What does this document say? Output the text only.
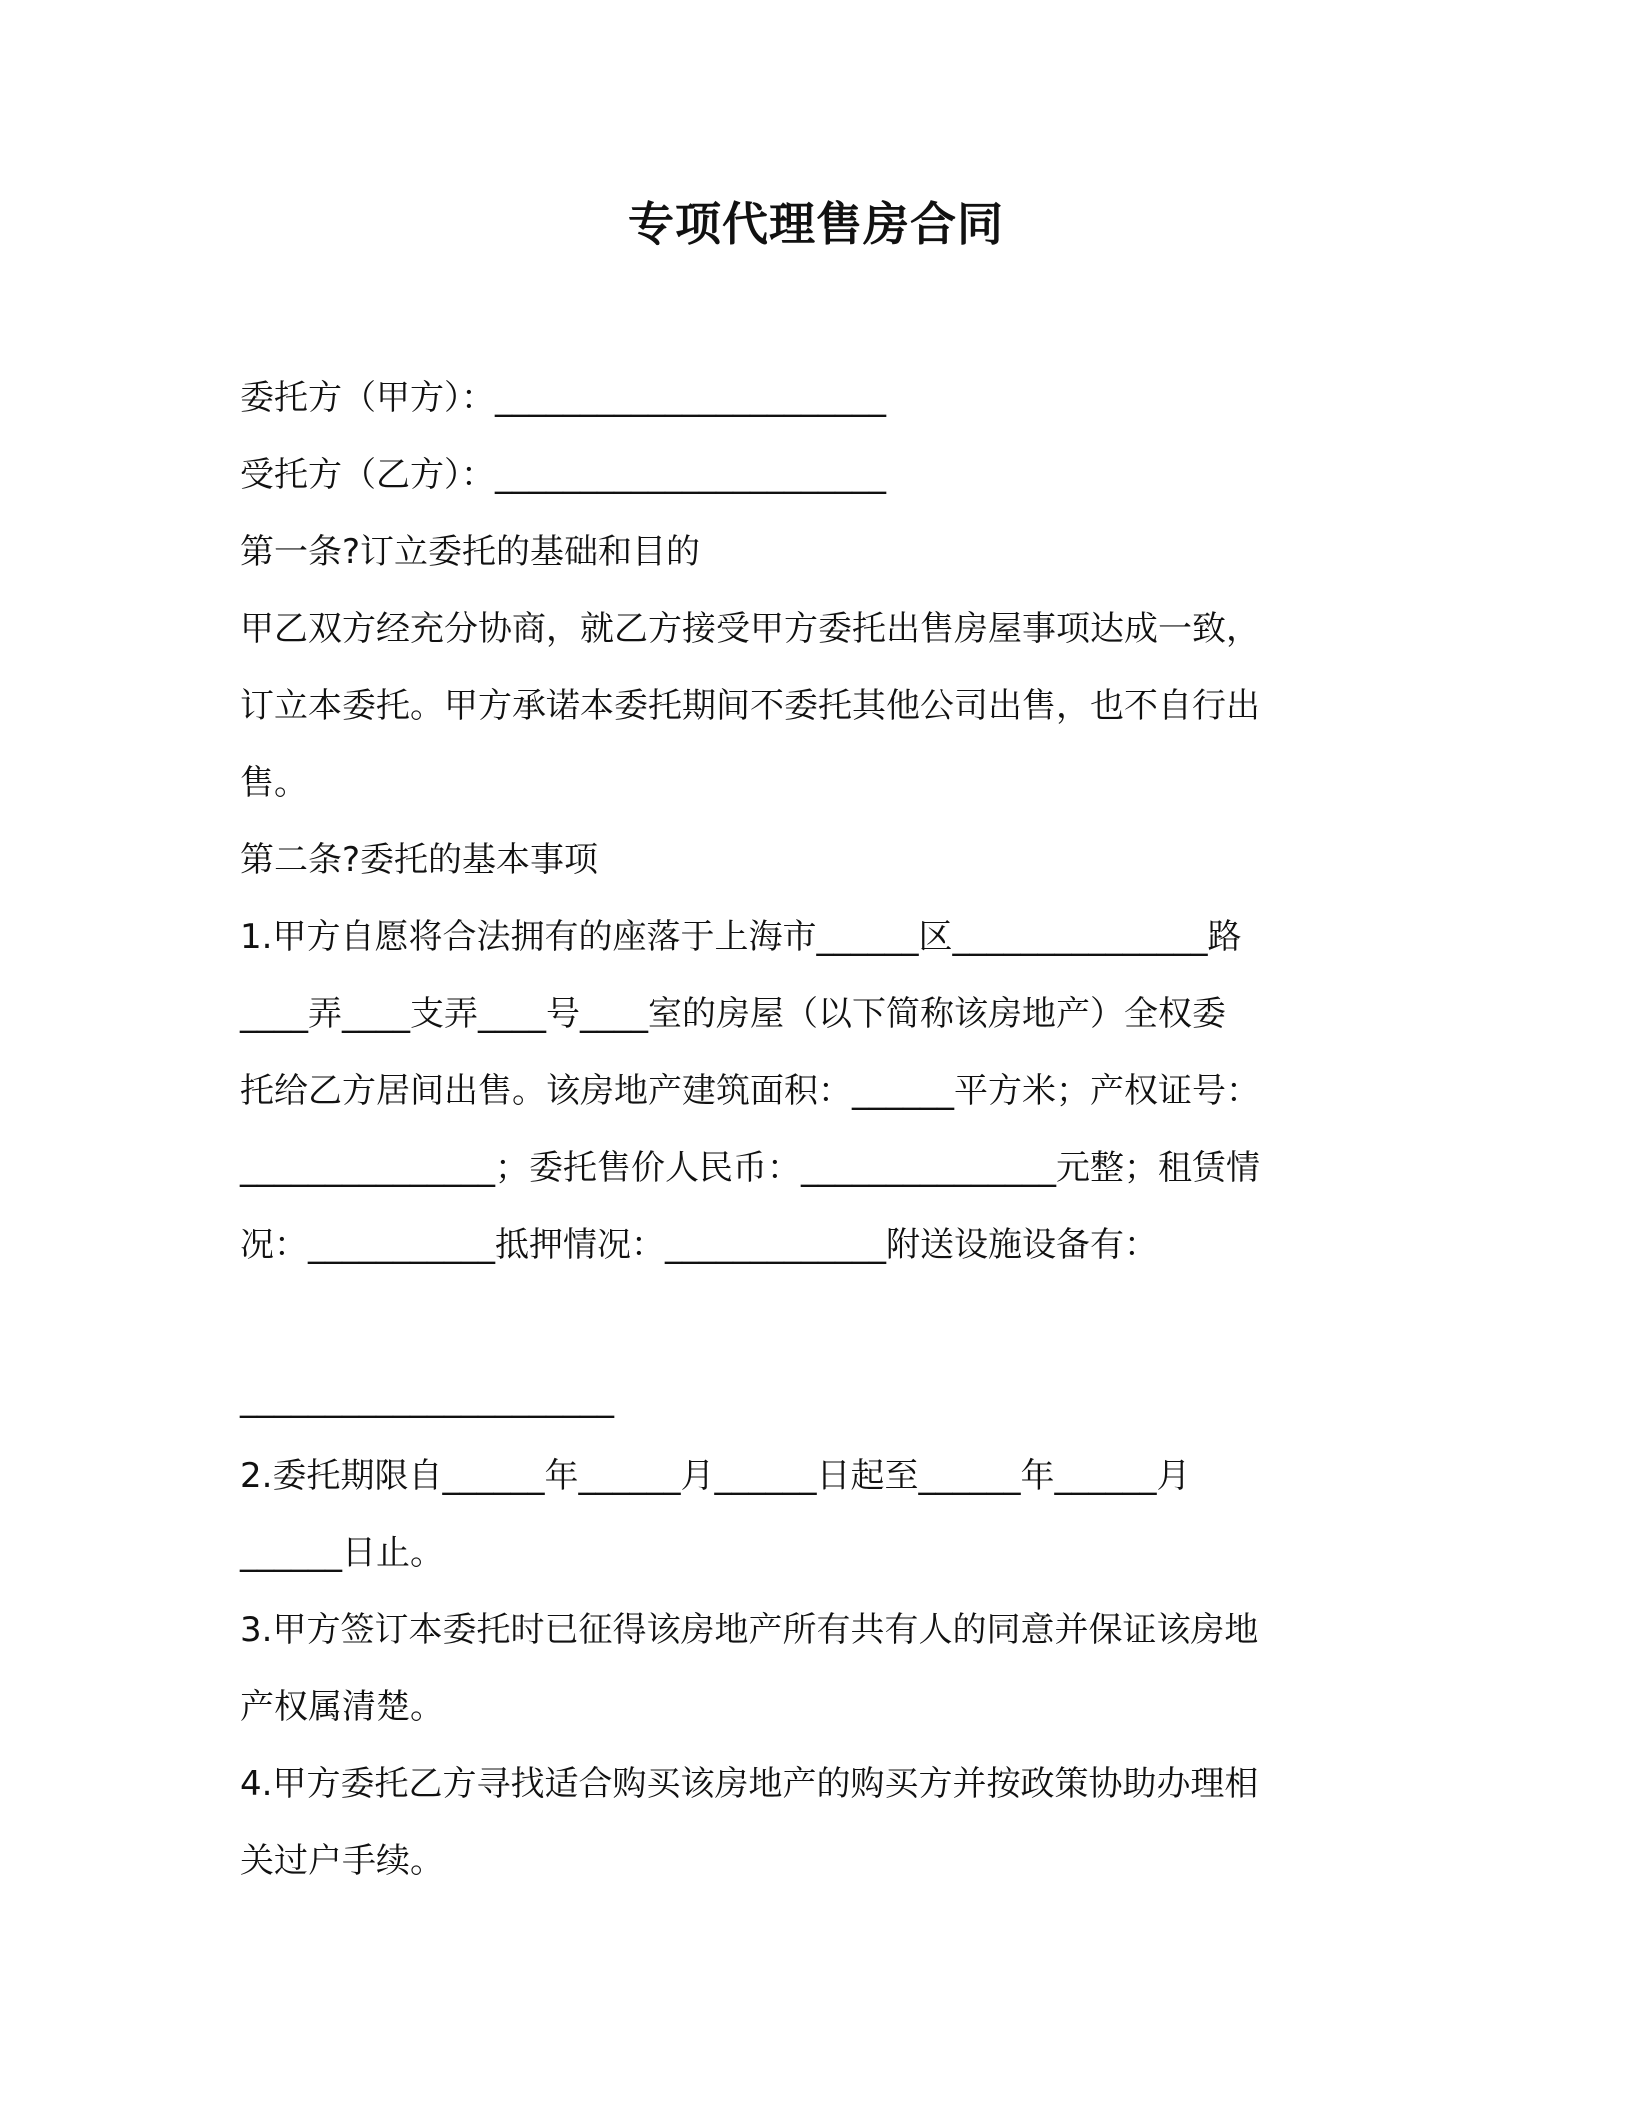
专项代理售房合同
委托方（甲方）：_______________________
受托方（乙方）：_______________________
第一条?订立委托的基础和目的
甲乙双方经充分协商，就乙方接受甲方委托出售房屋事项达成一致，
订立本委托。甲方承诺本委托期间不委托其他公司出售，也不自行出
售。
第二条?委托的基本事项
1.甲方自愿将合法拥有的座落于上海市______区_______________路
____弄____支弄____号____室的房屋（以下简称该房地产）全权委
托给乙方居间出售。该房地产建筑面积：______平方米；产权证号：
_______________；委托售价人民币：_______________元整；租赁情
况：___________抵押情况：_____________附送设施设备有：
______________________
2.委托期限自______年______月______日起至______年______月
______日止。
3.甲方签订本委托时已征得该房地产所有共有人的同意并保证该房地
产权属清楚。
4.甲方委托乙方寻找适合购买该房地产的购买方并按政策协助办理相
关过户手续。
